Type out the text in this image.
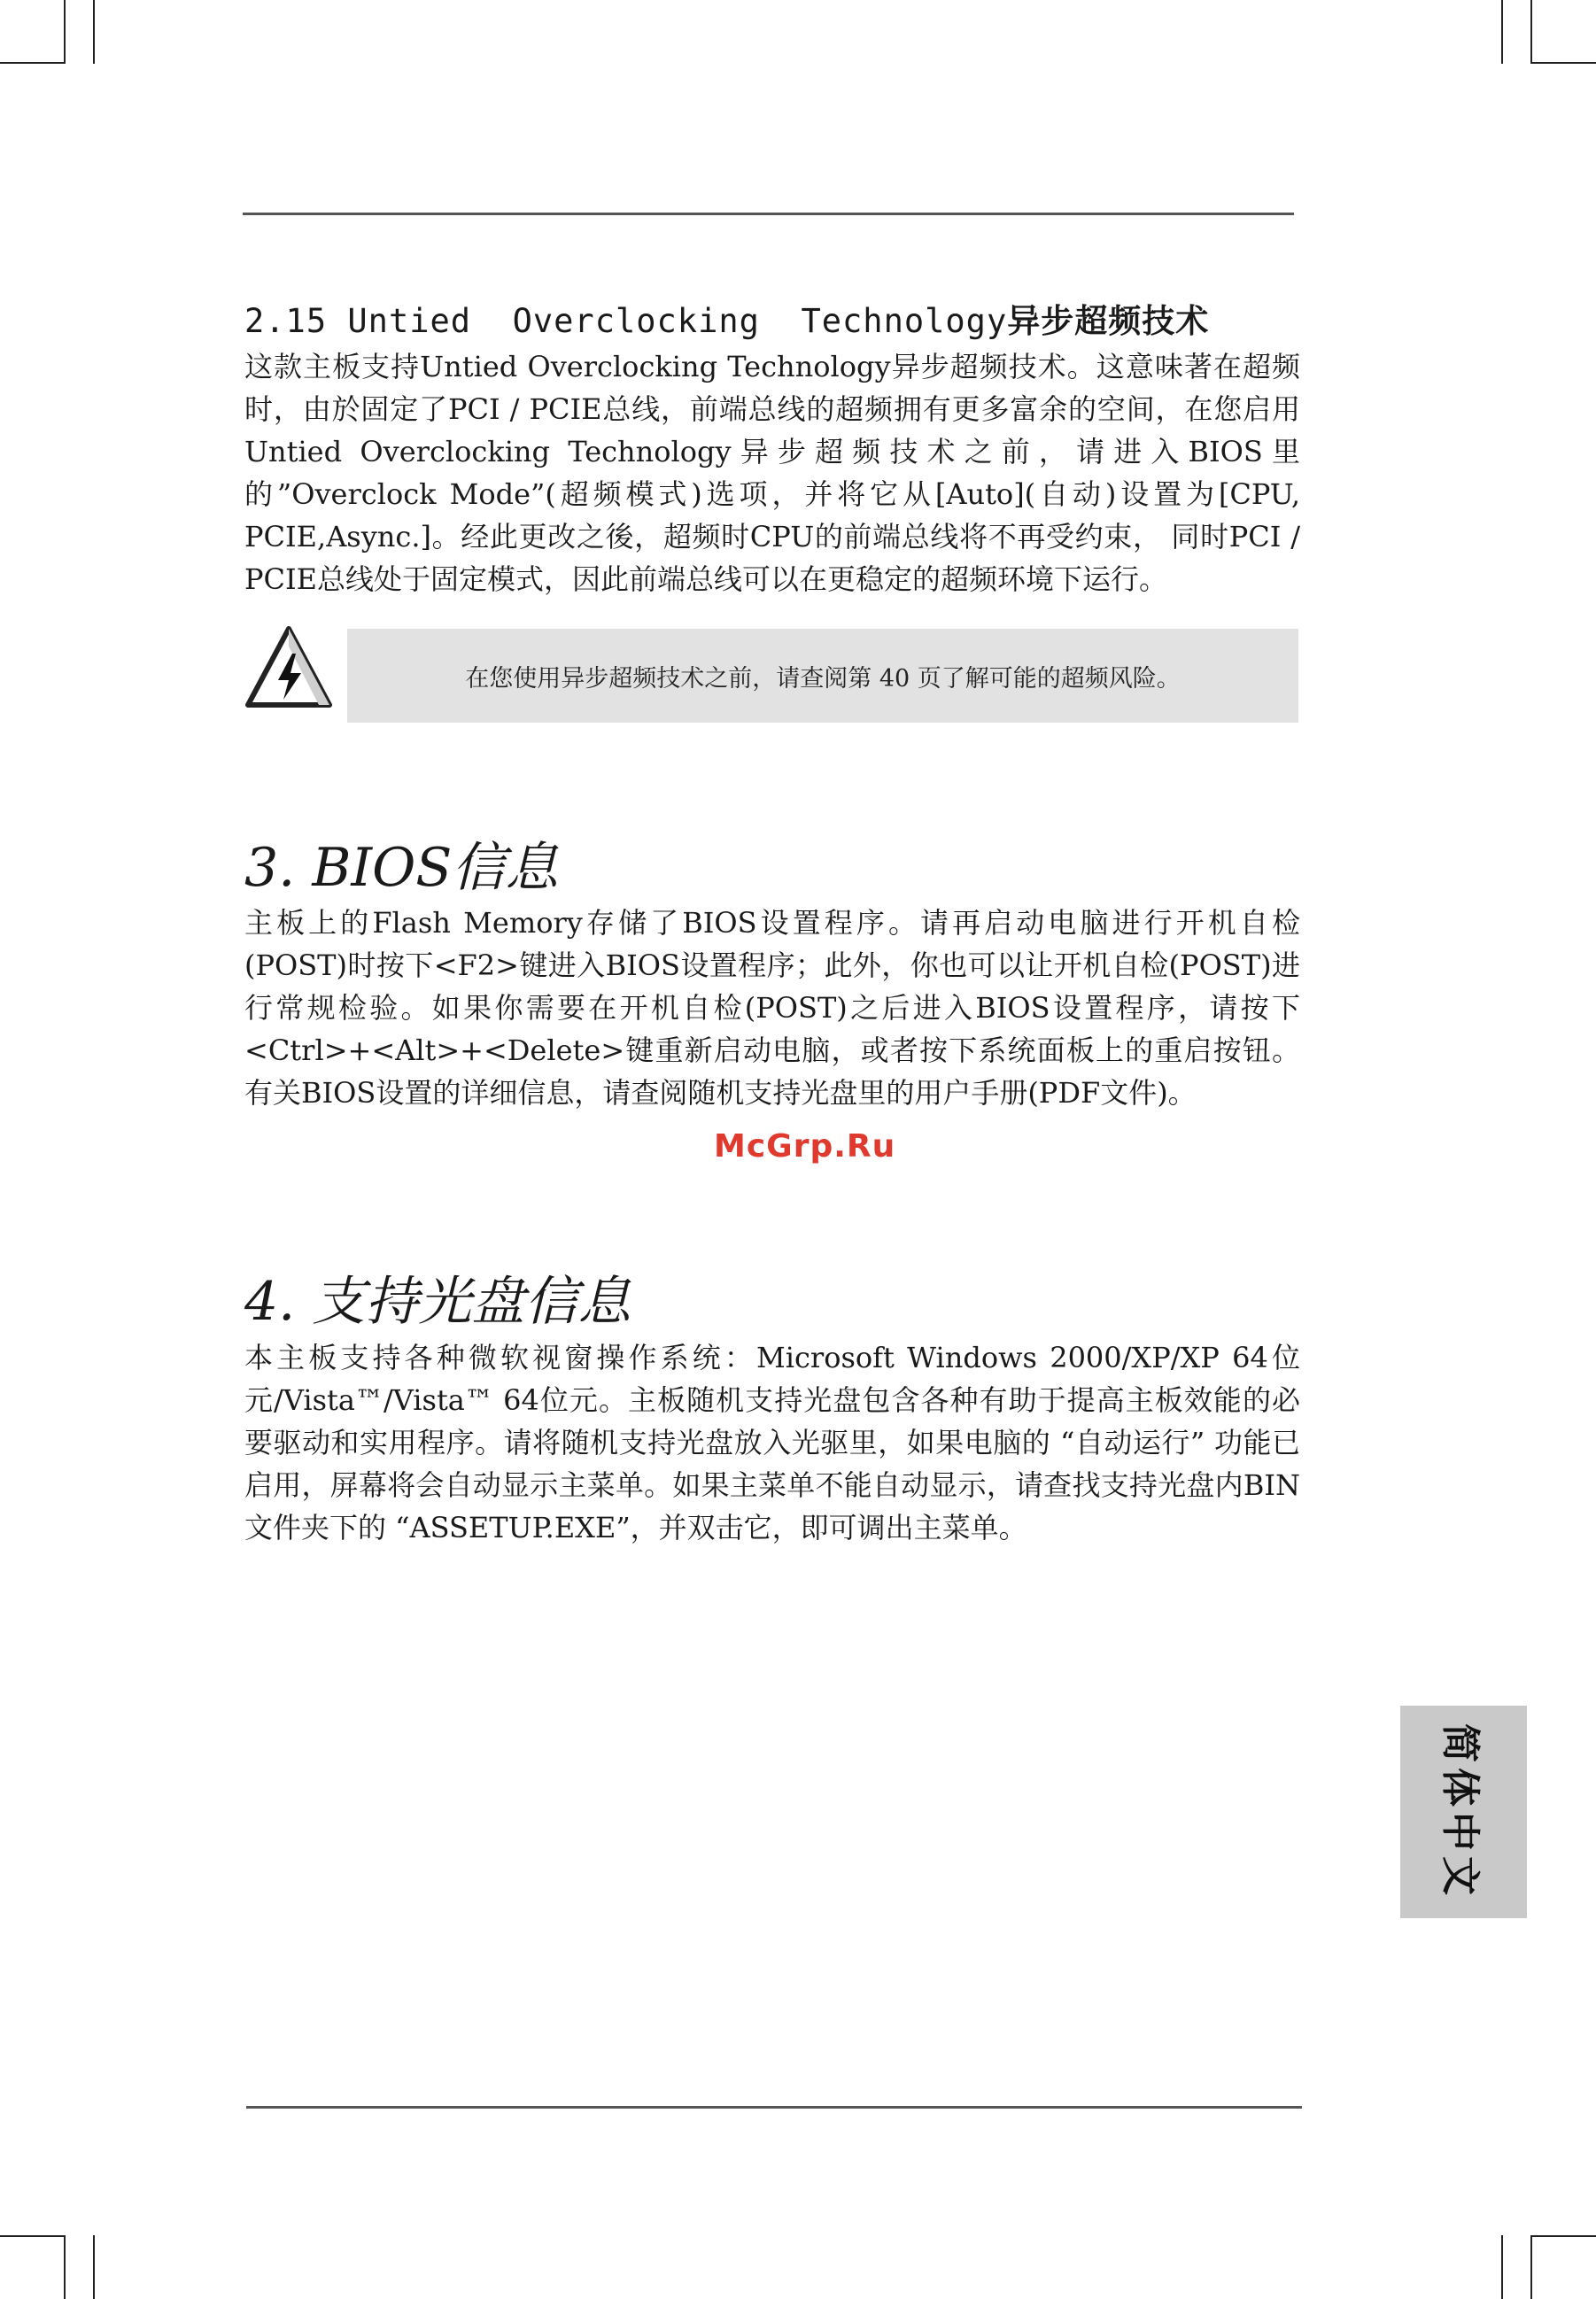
2.15 Untied  Overclocking  Technology异步超频技术

这款主板支持Untied Overclocking Technology异步超频技术。这意味著在超频时，由於固定了PCI / PCIE总线，前端总线的超频拥有更多富余的空间，在您启用Untied Overclocking Technology异步超频技术之前，请进入BIOS里的”Overclock Mode”(超频模式)选项，并将它从[Auto](自动)设置为[CPU, PCIE,Async.]。经此更改之後，超频时CPU的前端总线将不再受约束， 同时PCI / PCIE总线处于固定模式，因此前端总线可以在更稳定的超频环境下运行。

在您使用异步超频技术之前，请查阅第 40 页了解可能的超频风险。
3. BIOS信息

主板上的Flash Memory存储了BIOS设置程序。请再启动电脑进行开机自检(POST)时按下<F2>键进入BIOS设置程序；此外，你也可以让开机自检(POST)进行常规检验。如果你需要在开机自检(POST)之后进入BIOS设置程序，请按下<Ctrl>+<Alt>+<Delete>键重新启动电脑，或者按下系统面板上的重启按钮。有关BIOS设置的详细信息，请查阅随机支持光盘里的用户手册(PDF文件)。

McGrp.Ru
4. 支持光盘信息

本主板支持各种微软视窗操作系统：Microsoft Windows 2000/XP/XP 64位元/Vista™/Vista™ 64位元。主板随机支持光盘包含各种有助于提高主板效能的必要驱动和实用程序。请将随机支持光盘放入光驱里，如果电脑的 “自动运行” 功能已启用，屏幕将会自动显示主菜单。如果主菜单不能自动显示，请查找支持光盘内BIN文件夹下的 “ASSETUP.EXE”，并双击它，即可调出主菜单。

简体中文
